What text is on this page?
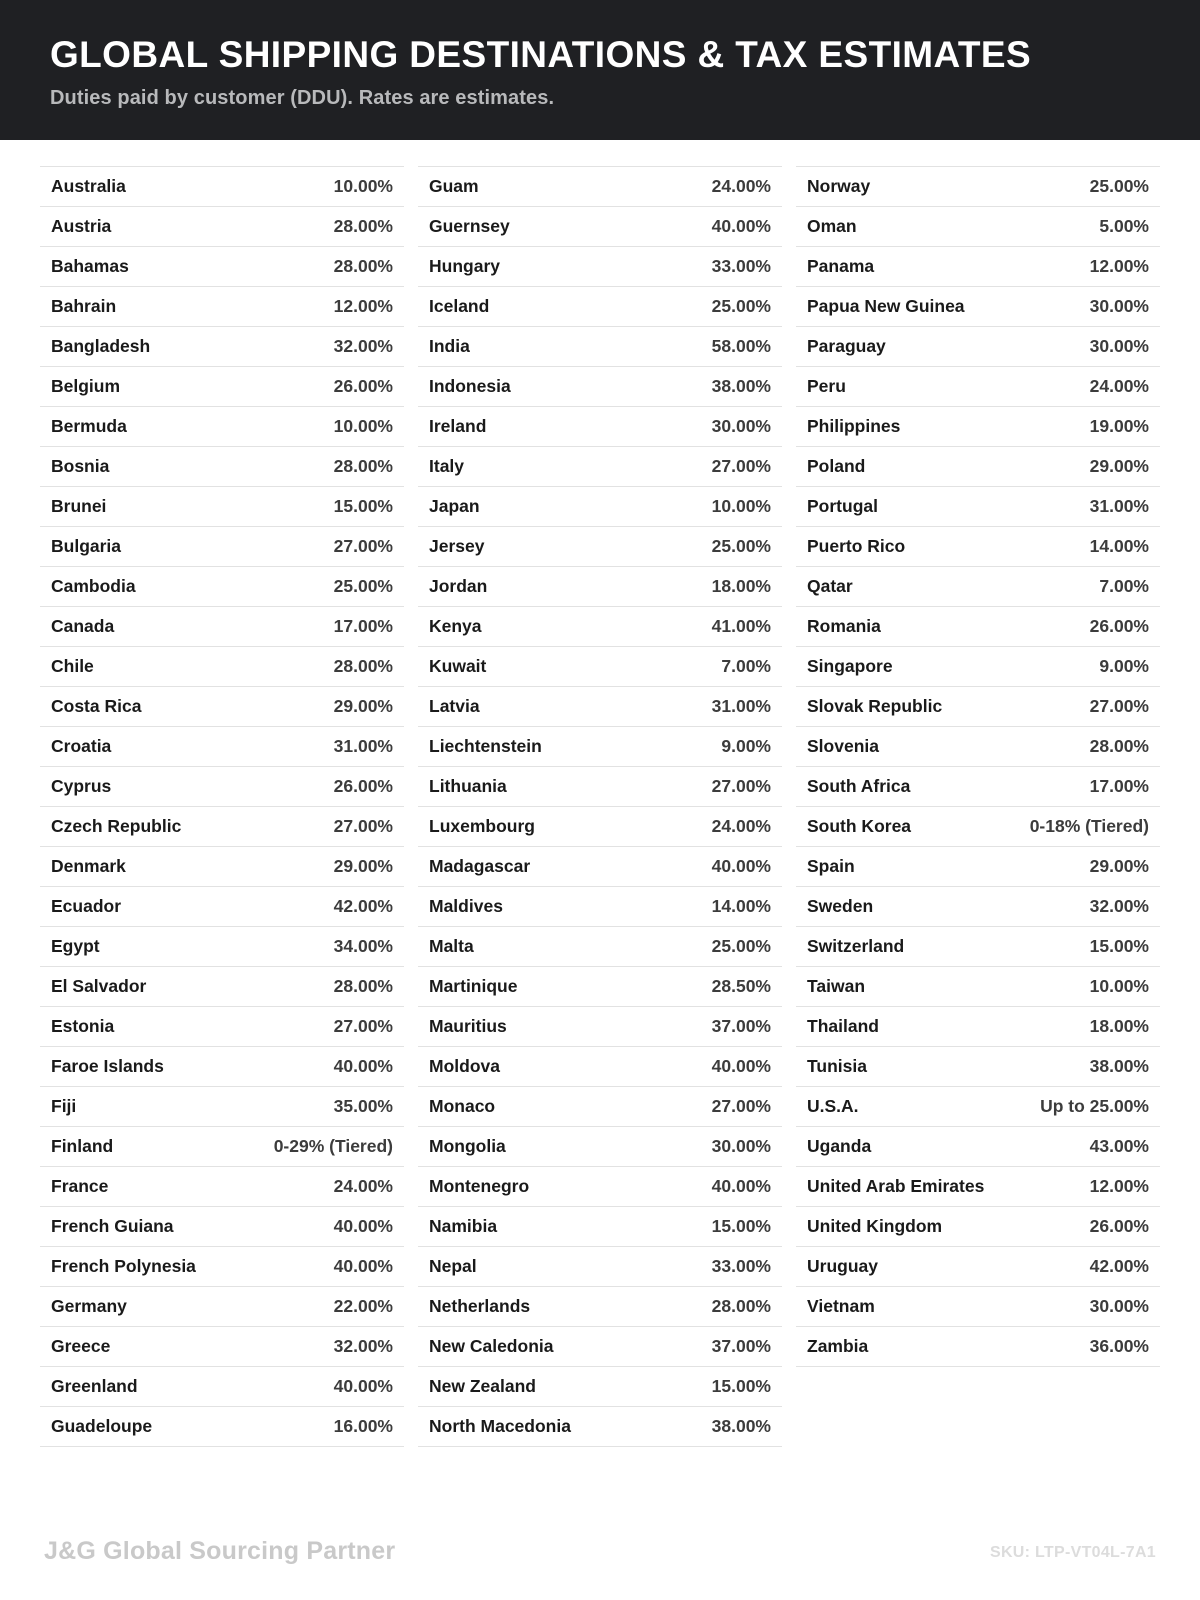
GLOBAL SHIPPING DESTINATIONS & TAX ESTIMATES
Duties paid by customer (DDU). Rates are estimates.
Australia	10.00%
Austria	28.00%
Bahamas	28.00%
Bahrain	12.00%
Bangladesh	32.00%
Belgium	26.00%
Bermuda	10.00%
Bosnia	28.00%
Brunei	15.00%
Bulgaria	27.00%
Cambodia	25.00%
Canada	17.00%
Chile	28.00%
Costa Rica	29.00%
Croatia	31.00%
Cyprus	26.00%
Czech Republic	27.00%
Denmark	29.00%
Ecuador	42.00%
Egypt	34.00%
El Salvador	28.00%
Estonia	27.00%
Faroe Islands	40.00%
Fiji	35.00%
Finland	0-29% (Tiered)
France	24.00%
French Guiana	40.00%
French Polynesia	40.00%
Germany	22.00%
Greece	32.00%
Greenland	40.00%
Guadeloupe	16.00%
Guam	24.00%
Guernsey	40.00%
Hungary	33.00%
Iceland	25.00%
India	58.00%
Indonesia	38.00%
Ireland	30.00%
Italy	27.00%
Japan	10.00%
Jersey	25.00%
Jordan	18.00%
Kenya	41.00%
Kuwait	7.00%
Latvia	31.00%
Liechtenstein	9.00%
Lithuania	27.00%
Luxembourg	24.00%
Madagascar	40.00%
Maldives	14.00%
Malta	25.00%
Martinique	28.50%
Mauritius	37.00%
Moldova	40.00%
Monaco	27.00%
Mongolia	30.00%
Montenegro	40.00%
Namibia	15.00%
Nepal	33.00%
Netherlands	28.00%
New Caledonia	37.00%
New Zealand	15.00%
North Macedonia	38.00%
Norway	25.00%
Oman	5.00%
Panama	12.00%
Papua New Guinea	30.00%
Paraguay	30.00%
Peru	24.00%
Philippines	19.00%
Poland	29.00%
Portugal	31.00%
Puerto Rico	14.00%
Qatar	7.00%
Romania	26.00%
Singapore	9.00%
Slovak Republic	27.00%
Slovenia	28.00%
South Africa	17.00%
South Korea	0-18% (Tiered)
Spain	29.00%
Sweden	32.00%
Switzerland	15.00%
Taiwan	10.00%
Thailand	18.00%
Tunisia	38.00%
U.S.A.	Up to 25.00%
Uganda	43.00%
United Arab Emirates	12.00%
United Kingdom	26.00%
Uruguay	42.00%
Vietnam	30.00%
Zambia	36.00%
J&G Global Sourcing Partner	SKU: LTP-VT04L-7A1
